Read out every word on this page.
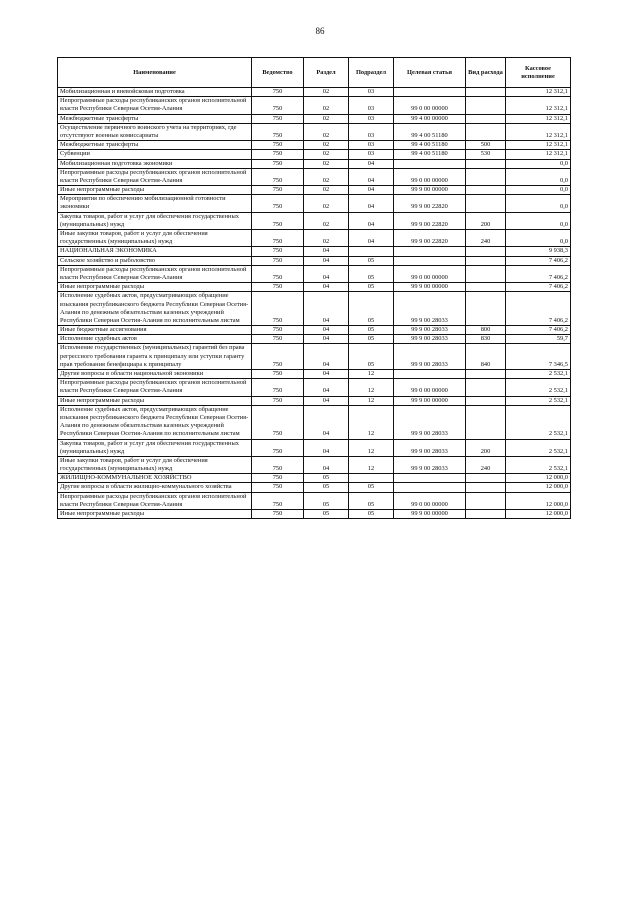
86
Наименование	Ведомство	Раздел	Подраздел	Целевая статья	Вид расхода	Кассовое исполнение
Мобилизационная и вневойсковая подготовка	750	02	03			12 312,1
Непрограммные расходы республиканских органов исполнительной власти Республики Северная Осетия-Алания	750	02	03	99 0 00 00000		12 312,1
Межбюджетные трансферты	750	02	03	99 4 00 00000		12 312,1
Осуществление первичного воинского учета на территориях, где отсутствуют военные комиссариаты	750	02	03	99 4 00 51180		12 312,1
Межбюджетные трансферты	750	02	03	99 4 00 51180	500	12 312,1
Субвенции	750	02	03	99 4 00 51180	530	12 312,1
Мобилизационная подготовка экономики	750	02	04			0,0
Непрограммные расходы республиканских органов исполнительной власти Республики Северная Осетия-Алания	750	02	04	99 0 00 00000		0,0
Иные непрограммные расходы	750	02	04	99 9 00 00000		0,0
Мероприятия по обеспечению мобилизационной готовности экономики	750	02	04	99 9 00 22820		0,0
Закупка товаров, работ и услуг для обеспечения государственных (муниципальных) нужд	750	02	04	99 9 00 22820	200	0,0
Иные закупки товаров, работ и услуг для обеспечения государственных (муниципальных) нужд	750	02	04	99 9 00 22820	240	0,0
НАЦИОНАЛЬНАЯ ЭКОНОМИКА	750	04				9 938,3
Сельское хозяйство и рыболовство	750	04	05			7 406,2
Непрограммные расходы республиканских органов исполнительной власти Республики Северная Осетия-Алания	750	04	05	99 0 00 00000		7 406,2
Иные непрограммные расходы	750	04	05	99 9 00 00000		7 406,2
Исполнение судебных актов, предусматривающих обращение взыскания республиканского бюджета Республики Северная Осетия-Алания по денежным обязательствам казенных учреждений Республики Северная Осетия-Алания по исполнительным листам	750	04	05	99 9 00 28033		7 406,2
Иные бюджетные ассигнования	750	04	05	99 9 00 28033	800	7 406,2
Исполнение судебных актов	750	04	05	99 9 00 28033	830	59,7
Исполнение государственных (муниципальных) гарантий без права регрессного требования гаранта к принципалу или уступки гаранту прав требования бенефициара к принципалу	750	04	05	99 9 00 28033	840	7 346,5
Другие вопросы в области национальной экономики	750	04	12			2 532,1
Непрограммные расходы республиканских органов исполнительной власти Республики Северная Осетия-Алания	750	04	12	99 0 00 00000		2 532,1
Иные непрограммные расходы	750	04	12	99 9 00 00000		2 532,1
Исполнение судебных актов, предусматривающих обращение взыскания республиканского бюджета Республики Северная Осетия-Алания по денежным обязательствам казенных учреждений Республики Северная Осетия-Алания по исполнительным листам	750	04	12	99 9 00 28033		2 532,1
Закупка товаров, работ и услуг для обеспечения государственных (муниципальных) нужд	750	04	12	99 9 00 28033	200	2 532,1
Иные закупки товаров, работ и услуг для обеспечения государственных (муниципальных) нужд	750	04	12	99 9 00 28033	240	2 532,1
ЖИЛИЩНО-КОММУНАЛЬНОЕ ХОЗЯЙСТВО	750	05				12 000,0
Другие вопросы в области жилищно-коммунального хозяйства	750	05	05			12 000,0
Непрограммные расходы республиканских органов исполнительной власти Республики Северная Осетия-Алания	750	05	05	99 0 00 00000		12 000,0
Иные непрограммные расходы	750	05	05	99 9 00 00000		12 000,0
